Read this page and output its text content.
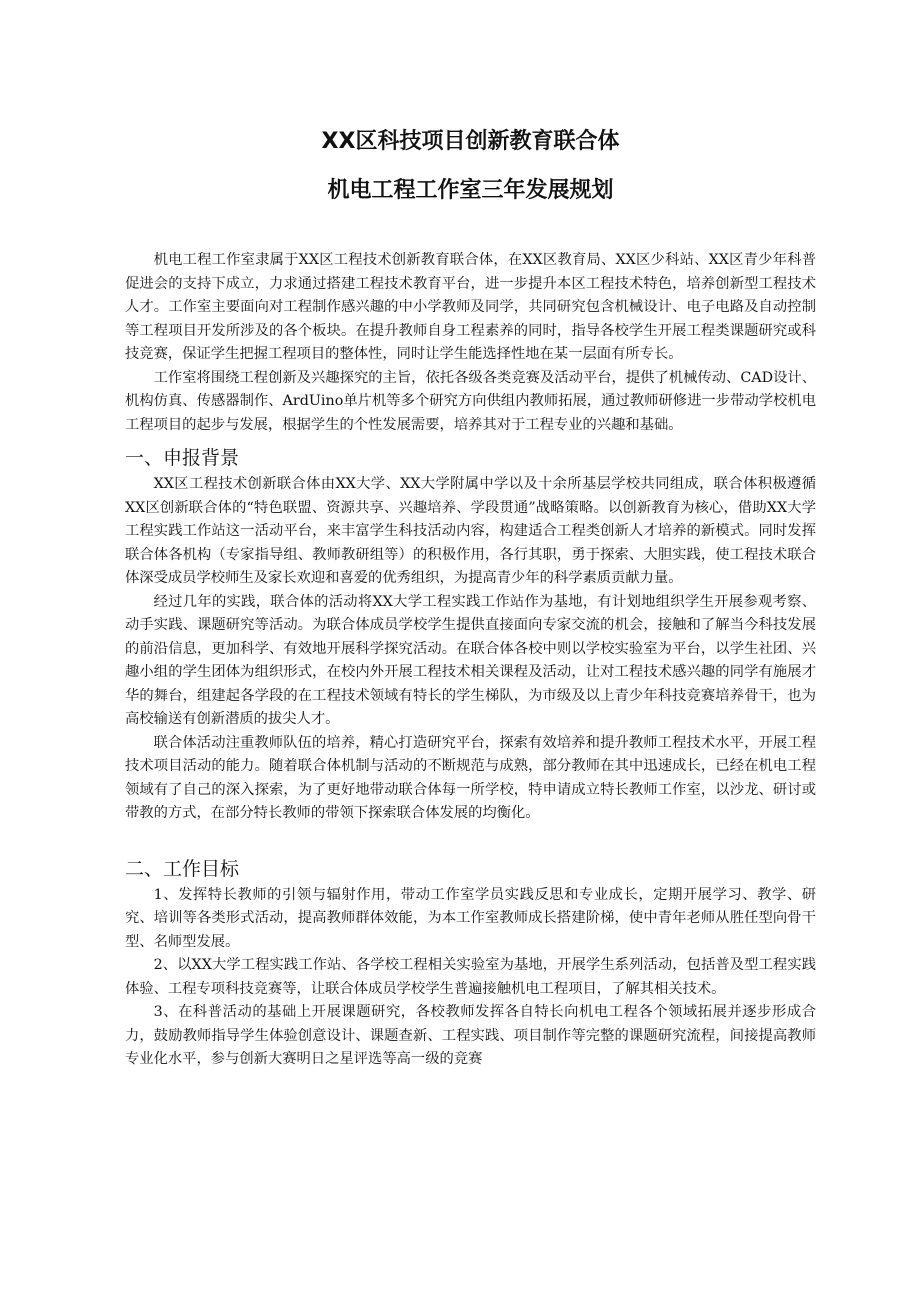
XX区科技项目创新教育联合体
机电工程工作室三年发展规划

机电工程工作室隶属于XX区工程技术创新教育联合体，在XX区教育局、XX区少科站、XX区青少年科普促进会的支持下成立，力求通过搭建工程技术教育平台，进一步提升本区工程技术特色，培养创新型工程技术人才。工作室主要面向对工程制作感兴趣的中小学教师及同学，共同研究包含机械设计、电子电路及自动控制等工程项目开发所涉及的各个板块。在提升教师自身工程素养的同时，指导各校学生开展工程类课题研究或科技竞赛，保证学生把握工程项目的整体性，同时让学生能选择性地在某一层面有所专长。

工作室将围绕工程创新及兴趣探究的主旨，依托各级各类竞赛及活动平台，提供了机械传动、CAD设计、机构仿真、传感器制作、ArdUino单片机等多个研究方向供组内教师拓展，通过教师研修进一步带动学校机电工程项目的起步与发展，根据学生的个性发展需要，培养其对于工程专业的兴趣和基础。

一、申报背景

XX区工程技术创新联合体由XX大学、XX大学附属中学以及十余所基层学校共同组成，联合体积极遵循XX区创新联合体的“特色联盟、资源共享、兴趣培养、学段贯通”战略策略。以创新教育为核心，借助XX大学工程实践工作站这一活动平台，来丰富学生科技活动内容，构建适合工程类创新人才培养的新模式。同时发挥联合体各机构（专家指导组、教师教研组等）的积极作用，各行其职，勇于探索、大胆实践，使工程技术联合体深受成员学校师生及家长欢迎和喜爱的优秀组织，为提高青少年的科学素质贡献力量。

经过几年的实践，联合体的活动将XX大学工程实践工作站作为基地，有计划地组织学生开展参观考察、动手实践、课题研究等活动。为联合体成员学校学生提供直接面向专家交流的机会，接触和了解当今科技发展的前沿信息，更加科学、有效地开展科学探究活动。在联合体各校中则以学校实验室为平台，以学生社团、兴趣小组的学生团体为组织形式，在校内外开展工程技术相关课程及活动，让对工程技术感兴趣的同学有施展才华的舞台，组建起各学段的在工程技术领域有特长的学生梯队，为市级及以上青少年科技竞赛培养骨干，也为高校输送有创新潜质的拔尖人才。

联合体活动注重教师队伍的培养，精心打造研究平台，探索有效培养和提升教师工程技术水平，开展工程技术项目活动的能力。随着联合体机制与活动的不断规范与成熟，部分教师在其中迅速成长，已经在机电工程领域有了自己的深入探索，为了更好地带动联合体每一所学校，特申请成立特长教师工作室，以沙龙、研讨或带教的方式，在部分特长教师的带领下探索联合体发展的均衡化。

二、工作目标

1、发挥特长教师的引领与辐射作用，带动工作室学员实践反思和专业成长，定期开展学习、教学、研究、培训等各类形式活动，提高教师群体效能，为本工作室教师成长搭建阶梯，使中青年老师从胜任型向骨干型、名师型发展。

2、以XX大学工程实践工作站、各学校工程相关实验室为基地，开展学生系列活动，包括普及型工程实践体验、工程专项科技竞赛等，让联合体成员学校学生普遍接触机电工程项目，了解其相关技术。

3、在科普活动的基础上开展课题研究，各校教师发挥各自特长向机电工程各个领域拓展并逐步形成合力，鼓励教师指导学生体验创意设计、课题查新、工程实践、项目制作等完整的课题研究流程，间接提高教师专业化水平，参与创新大赛明日之星评选等高一级的竞赛
